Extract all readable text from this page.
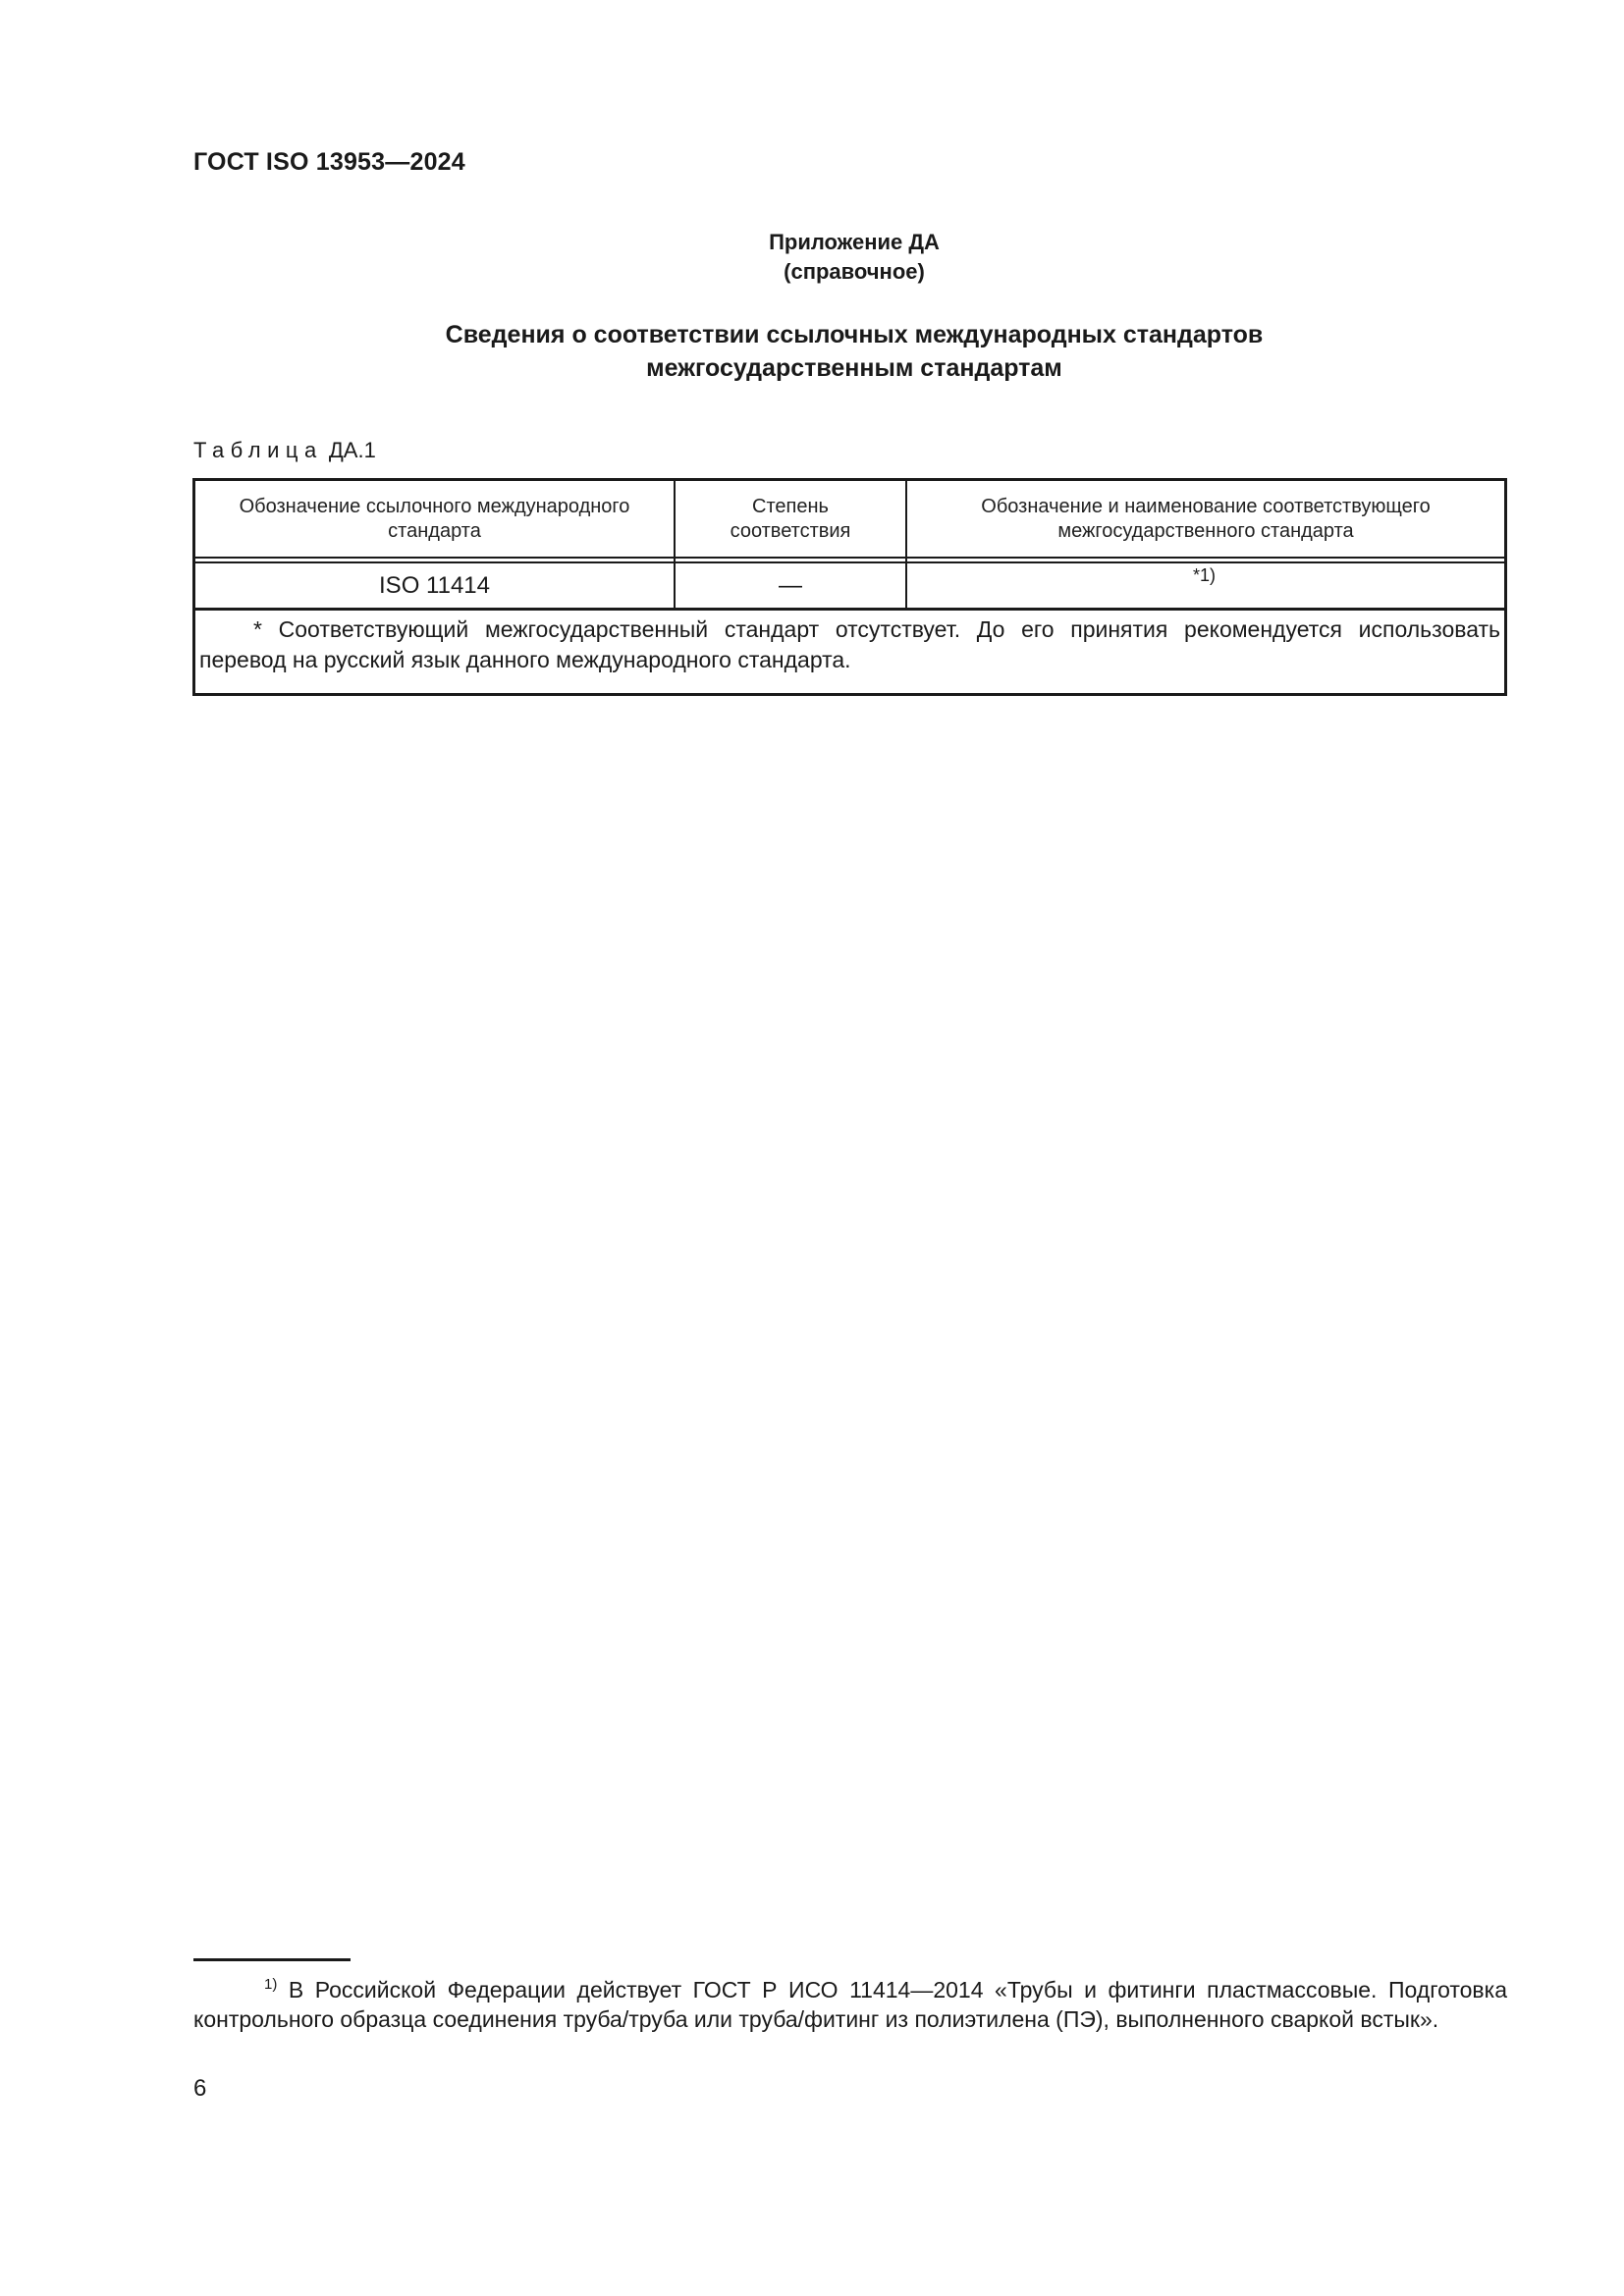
ГОСТ ISO 13953—2024
Приложение ДА
(справочное)
Сведения о соответствии ссылочных международных стандартов
межгосударственным стандартам
Таблица ДА.1
Обозначение ссылочного международного стандарта
Степень соответствия
Обозначение и наименование соответствующего межгосударственного стандарта
ISO 11414	—	*1)
* Соответствующий межгосударственный стандарт отсутствует. До его принятия рекомендуется использовать перевод на русский язык данного международного стандарта.
$^{1)}$ В Российской Федерации действует ГОСТ Р ИСО 11414—2014 «Трубы и фитинги пластмассовые. Подготовка контрольного образца соединения труба/труба или труба/фитинг из полиэтилена (ПЭ), выполненного сваркой встык».
6
